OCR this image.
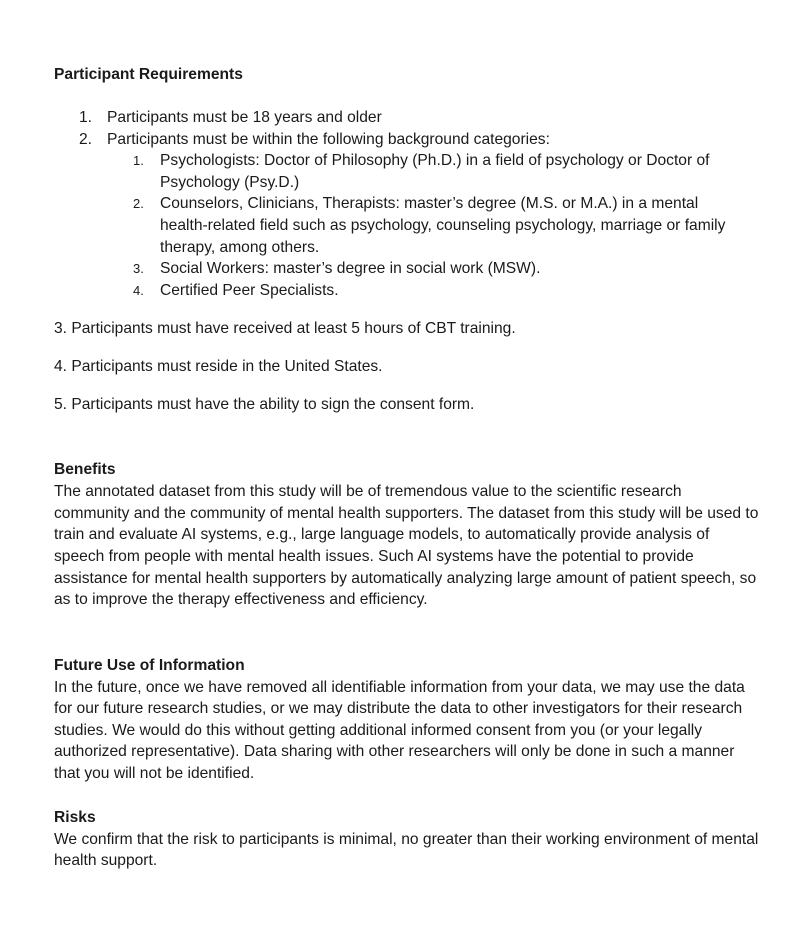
Participant Requirements
1. Participants must be 18 years and older
2. Participants must be within the following background categories:
1. Psychologists: Doctor of Philosophy (Ph.D.) in a field of psychology or Doctor of Psychology (Psy.D.)
2. Counselors, Clinicians, Therapists: master’s degree (M.S. or M.A.) in a mental health-related field such as psychology, counseling psychology, marriage or family therapy, among others.
3. Social Workers: master’s degree in social work (MSW).
4. Certified Peer Specialists.

3. Participants must have received at least 5 hours of CBT training.

4. Participants must reside in the United States.

5. Participants must have the ability to sign the consent form.

Benefits

The annotated dataset from this study will be of tremendous value to the scientific research community and the community of mental health supporters. The dataset from this study will be used to train and evaluate AI systems, e.g., large language models, to automatically provide analysis of speech from people with mental health issues. Such AI systems have the potential to provide assistance for mental health supporters by automatically analyzing large amount of patient speech, so as to improve the therapy effectiveness and efficiency.

Future Use of Information

In the future, once we have removed all identifiable information from your data, we may use the data for our future research studies, or we may distribute the data to other investigators for their research studies. We would do this without getting additional informed consent from you (or your legally authorized representative). Data sharing with other researchers will only be done in such a manner that you will not be identified.

Risks

We confirm that the risk to participants is minimal, no greater than their working environment of mental health support.
